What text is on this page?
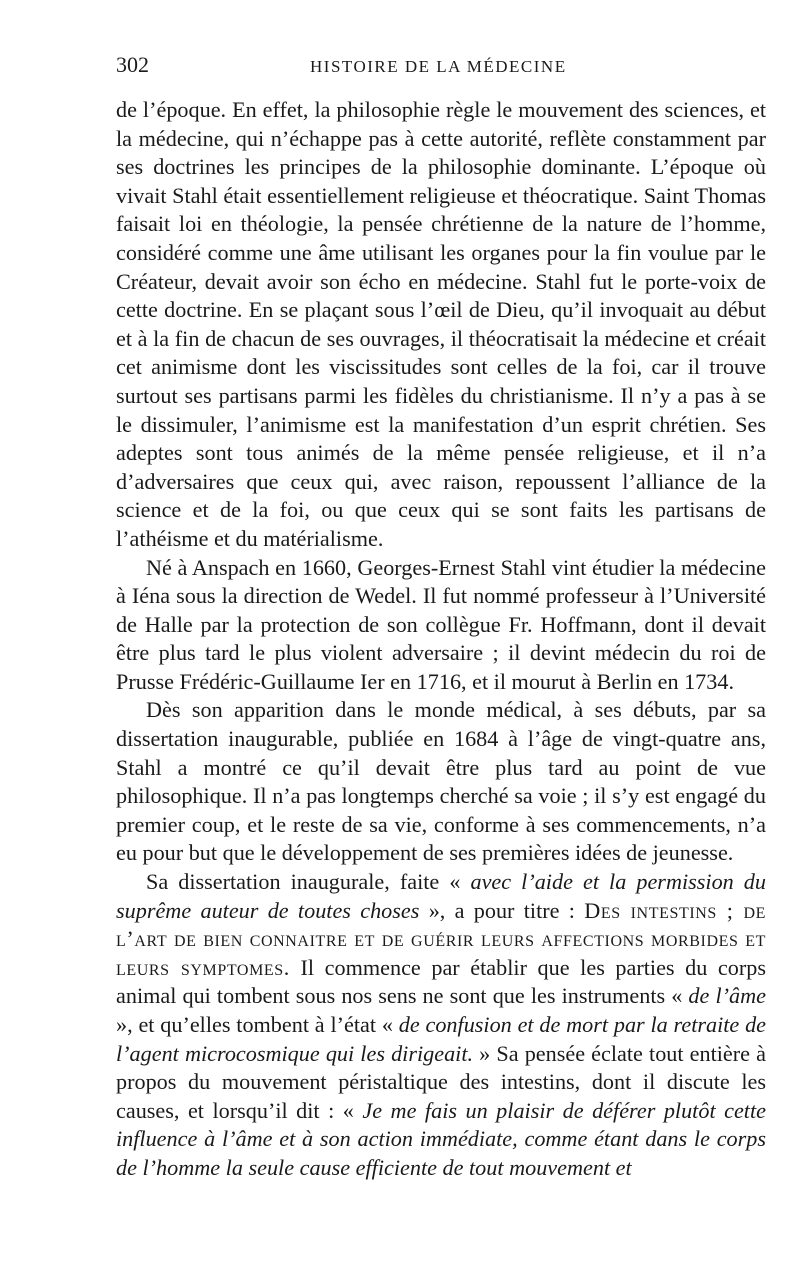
302	HISTOIRE DE LA MÉDECINE

de l’époque. En effet, la philosophie règle le mouvement des sciences, et la médecine, qui n’échappe pas à cette autorité, reflète constamment par ses doctrines les principes de la philosophie dominante. L’époque où vivait Stahl était essentiellement religieuse et théocratique. Saint Thomas faisait loi en théologie, la pensée chrétienne de la nature de l’homme, considéré comme une âme utilisant les organes pour la fin voulue par le Créateur, devait avoir son écho en médecine. Stahl fut le porte-voix de cette doctrine. En se plaçant sous l’œil de Dieu, qu’il invoquait au début et à la fin de chacun de ses ouvrages, il théocratisait la médecine et créait cet animisme dont les viscissitudes sont celles de la foi, car il trouve surtout ses partisans parmi les fidèles du christianisme. Il n’y a pas à se le dissimuler, l’animisme est la manifestation d’un esprit chrétien. Ses adeptes sont tous animés de la même pensée religieuse, et il n’a d’adversaires que ceux qui, avec raison, repoussent l’alliance de la science et de la foi, ou que ceux qui se sont faits les partisans de l’athéisme et du matérialisme.

Né à Anspach en 1660, Georges-Ernest Stahl vint étudier la médecine à Iéna sous la direction de Wedel. Il fut nommé professeur à l’Université de Halle par la protection de son collègue Fr. Hoffmann, dont il devait être plus tard le plus violent adversaire ; il devint médecin du roi de Prusse Frédéric-Guillaume Ier en 1716, et il mourut à Berlin en 1734.

Dès son apparition dans le monde médical, à ses débuts, par sa dissertation inaugurable, publiée en 1684 à l’âge de vingt-quatre ans, Stahl a montré ce qu’il devait être plus tard au point de vue philosophique. Il n’a pas longtemps cherché sa voie ; il s’y est engagé du premier coup, et le reste de sa vie, conforme à ses commencements, n’a eu pour but que le développement de ses premières idées de jeunesse.

Sa dissertation inaugurale, faite « avec l’aide et la permission du suprême auteur de toutes choses », a pour titre : Des intestins ; de l’art de bien connaitre et de guérir leurs affections morbides et leurs symptomes. Il commence par établir que les parties du corps animal qui tombent sous nos sens ne sont que les instruments « de l’âme », et qu’elles tombent à l’état « de confusion et de mort par la retraite de l’agent microcosmique qui les dirigeait. » Sa pensée éclate tout entière à propos du mouvement péristaltique des intestins, dont il discute les causes, et lorsqu’il dit : « Je me fais un plaisir de déférer plutôt cette influence à l’âme et à son action immédiate, comme étant dans le corps de l’homme la seule cause efficiente de tout mouvement et
